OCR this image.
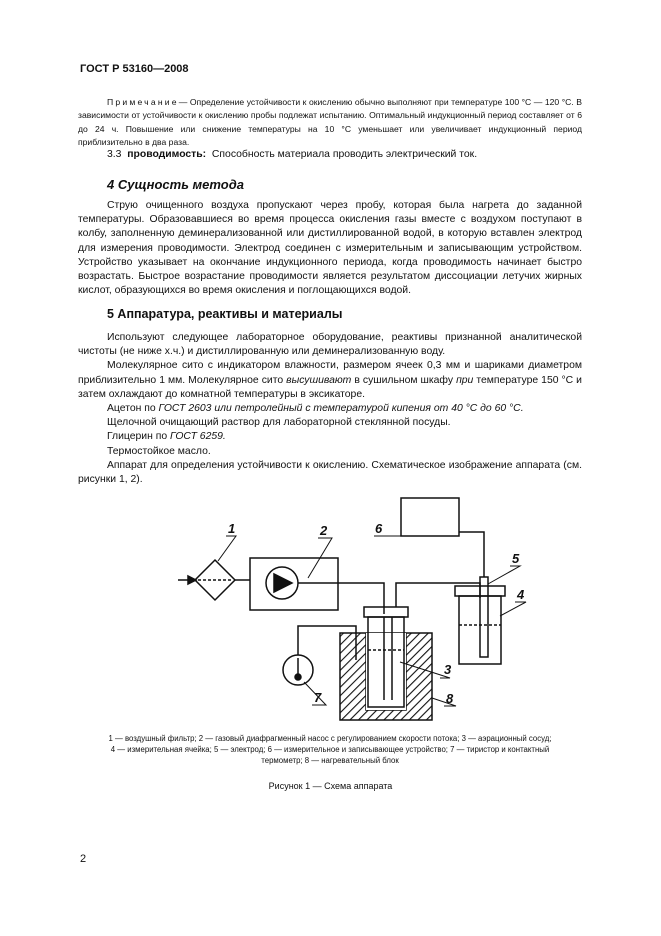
ГОСТ Р 53160—2008
Примечание— Определение устойчивости к окислению обычно выполняют при температуре 100 °С — 120 °С. В зависимости от устойчивости к окислению пробы подлежат испытанию. Оптимальный индукционный период составляет от 6 до 24 ч. Повышение или снижение температуры на 10 °С уменьшает или увеличивает индукционный период приблизительно в два раза.
3.3 проводимость: Способность материала проводить электрический ток.
4 Сущность метода
Струю очищенного воздуха пропускают через пробу, которая была нагрета до заданной температуры. Образовавшиеся во время процесса окисления газы вместе с воздухом поступают в колбу, заполненную деминерализованной или дистиллированной водой, в которую вставлен электрод для измерения проводимости. Электрод соединен с измерительным и записывающим устройством. Устройство указывает на окончание индукционного периода, когда проводимость начинает быстро возрастать. Быстрое возрастание проводимости является результатом диссоциации летучих жирных кислот, образующихся во время окисления и поглощающихся водой.
5 Аппаратура, реактивы и материалы
Используют следующее лабораторное оборудование, реактивы признанной аналитической чистоты (не ниже х.ч.) и дистиллированную или деминерализованную воду.
Молекулярное сито с индикатором влажности, размером ячеек 0,3 мм и шариками диаметром приблизительно 1 мм. Молекулярное сито высушивают в сушильном шкафу при температуре 150 °С и затем охлаждают до комнатной температуры в эксикаторе.
Ацетон по ГОСТ 2603 или петролейный с температурой кипения от 40 °С до 60 °С.
Щелочной очищающий раствор для лабораторной стеклянной посуды.
Глицерин по ГОСТ 6259.
Термостойкое масло.
Аппарат для определения устойчивости к окислению. Схематическое изображение аппарата (см. рисунки 1, 2).
1	2
3
4
5
6
7	8
1 — воздушный фильтр; 2 — газовый диафрагменный насос с регулированием скорости потока; 3 — аэрационный сосуд;
4 — измерительная ячейка; 5 — электрод; 6 — измерительное и записывающее устройство; 7 — тиристор и контактный
термометр; 8 — нагревательный блок
Рисунок 1 — Схема аппарата
2
